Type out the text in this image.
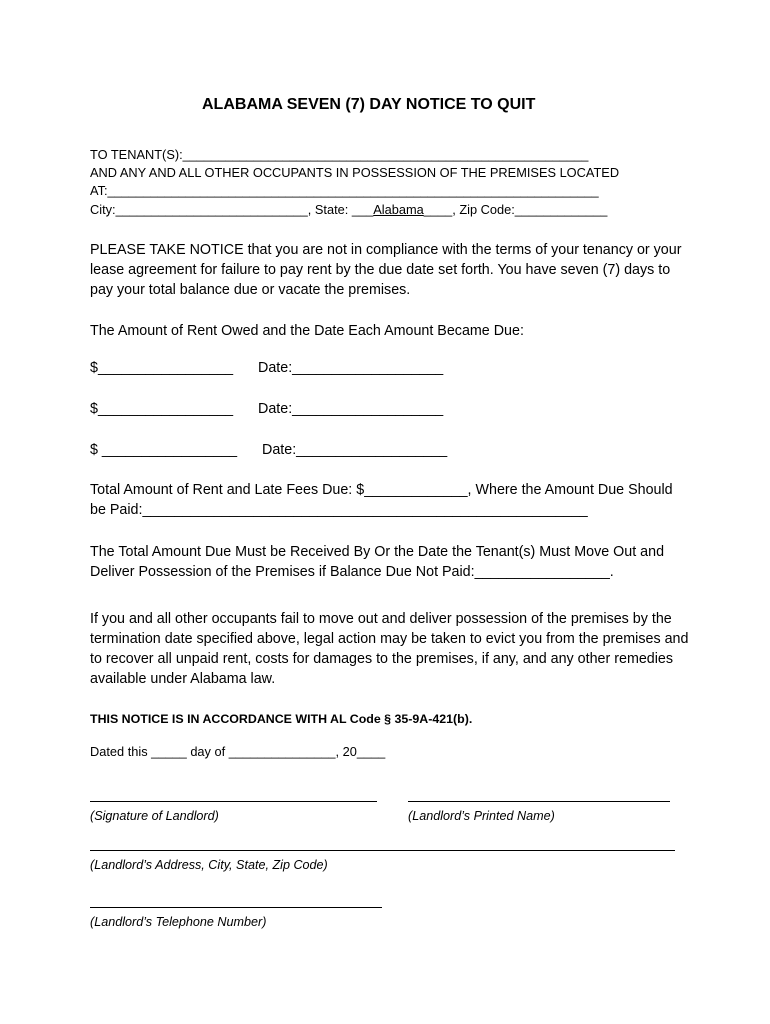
ALABAMA SEVEN (7) DAY NOTICE TO QUIT
TO TENANT(S):_________________________________________________________
AND ANY AND ALL OTHER OCCUPANTS IN POSSESSION OF THE PREMISES LOCATED
AT:_____________________________________________________________________
City:___________________________, State: ___Alabama____, Zip Code:_____________
PLEASE TAKE NOTICE that you are not in compliance with the terms of your tenancy or your lease agreement for failure to pay rent by the due date set forth. You have seven (7) days to pay your total balance due or vacate the premises.
The Amount of Rent Owed and the Date Each Amount Became Due:
$_________________ Date:___________________
$_________________ Date:___________________
$ _________________ Date:___________________
Total Amount of Rent and Late Fees Due: $_____________, Where the Amount Due Should be Paid:________________________________________________________
The Total Amount Due Must be Received By Or the Date the Tenant(s) Must Move Out and Deliver Possession of the Premises if Balance Due Not Paid:_________________.
If you and all other occupants fail to move out and deliver possession of the premises by the termination date specified above, legal action may be taken to evict you from the premises and to recover all unpaid rent, costs for damages to the premises, if any, and any other remedies available under Alabama law.
THIS NOTICE IS IN ACCORDANCE WITH AL Code § 35-9A-421(b).
Dated this _____ day of _______________, 20____
(Signature of Landlord)	(Landlord’s Printed Name)
(Landlord’s Address, City, State, Zip Code)
(Landlord’s Telephone Number)
